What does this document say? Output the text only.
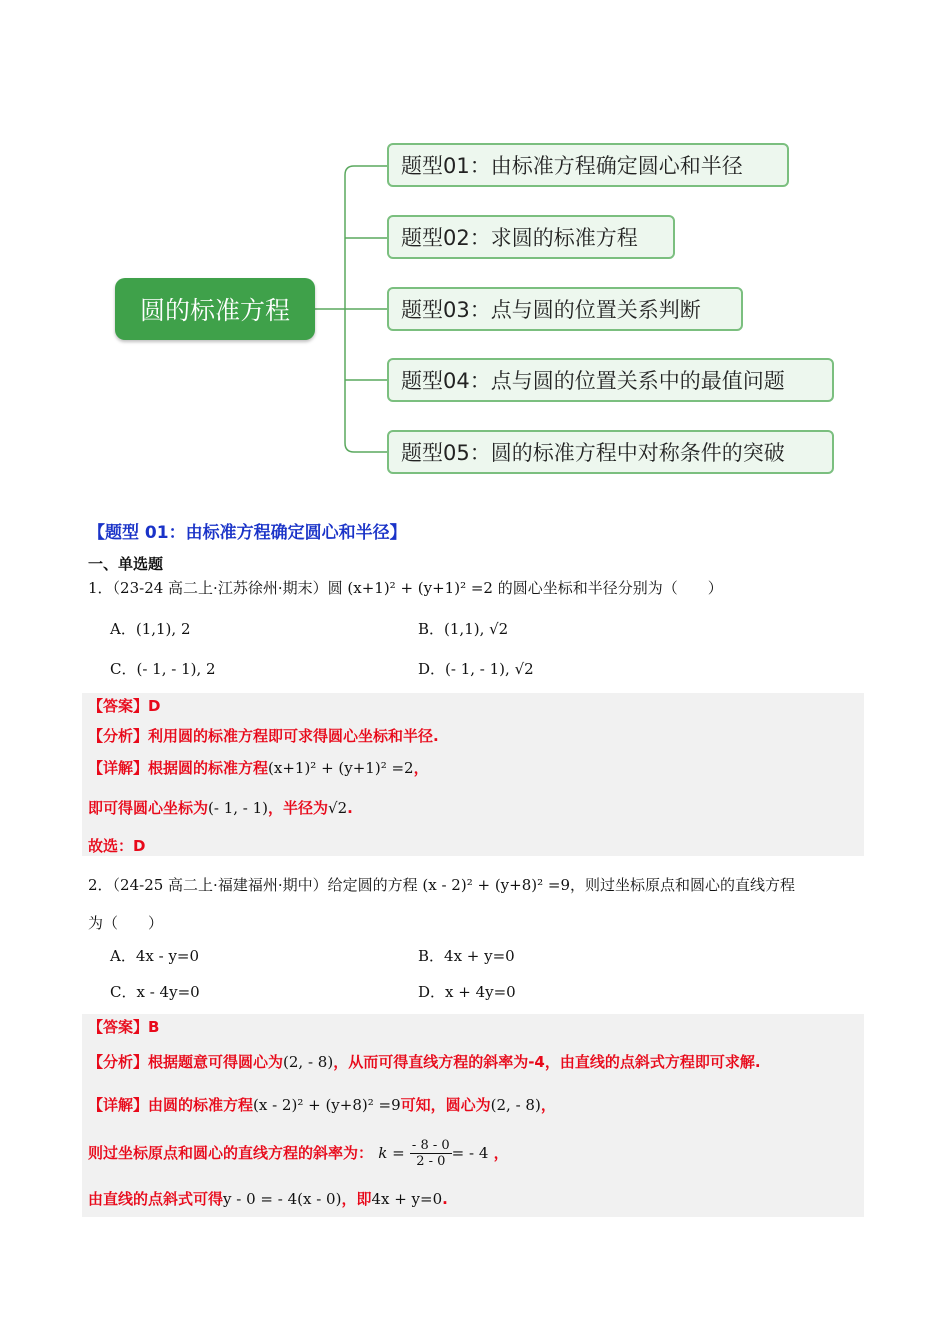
圆的标准方程
题型01：由标准方程确定圆心和半径
题型02：求圆的标准方程
题型03：点与圆的位置关系判断
题型04：点与圆的位置关系中的最值问题
题型05：圆的标准方程中对称条件的突破
【题型 01：由标准方程确定圆心和半径】
一、单选题
1．（23-24 高二上·江苏徐州·期末）圆 (x+1)² + (y+1)² =2 的圆心坐标和半径分别为（　　）
A．(1,1), 2	B．(1,1), √2
C．(- 1, - 1), 2	D．(- 1, - 1), √2
【答案】D
【分析】利用圆的标准方程即可求得圆心坐标和半径.
【详解】根据圆的标准方程(x+1)² + (y+1)² =2，
即可得圆心坐标为(- 1, - 1)，半径为√2.
故选：D
2．（24-25 高二上·福建福州·期中）给定圆的方程 (x - 2)² + (y+8)² =9，则过坐标原点和圆心的直线方程
为（　　）
A．4x - y=0	B．4x + y=0
C．x - 4y=0	D．x + 4y=0
【答案】B
【分析】根据题意可得圆心为(2, - 8)，从而可得直线方程的斜率为-4，由直线的点斜式方程即可求解.
【详解】由圆的标准方程(x - 2)² + (y+8)² =9可知，圆心为(2, - 8)，
则过坐标原点和圆心的直线方程的斜率为： $k = \frac{- 8 - 0}{2 - 0}$ = - 4 ，
由直线的点斜式可得y - 0 = - 4(x - 0)，即4x + y=0.
